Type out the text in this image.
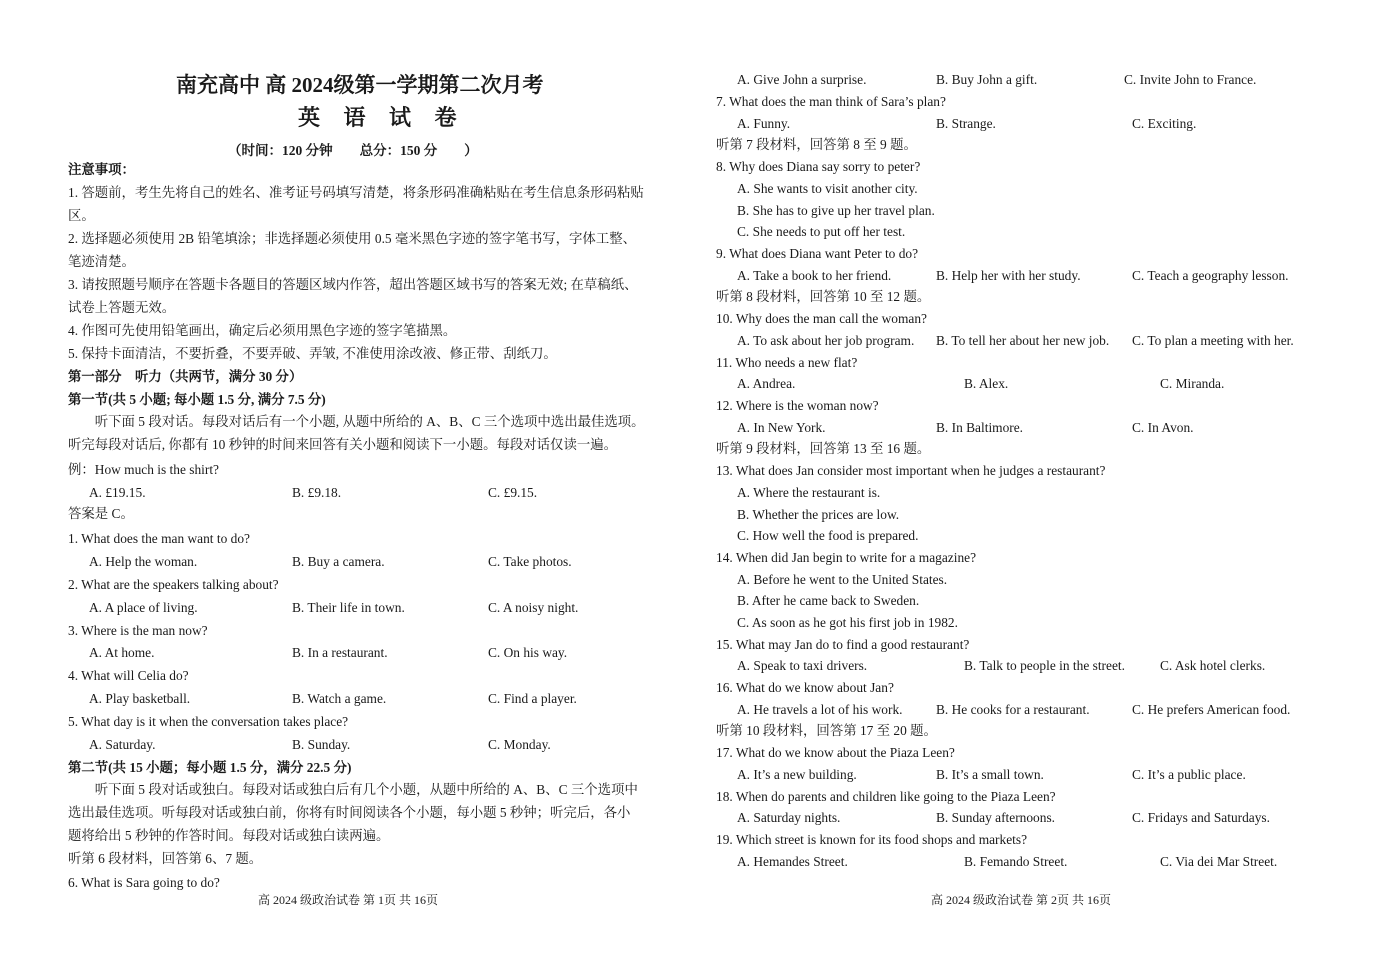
南充高中 高 2024级第一学期第二次月考
英 语 试 卷
（时间：120 分钟　　总分：150 分　　）
注意事项：
1. 答题前，考生先将自己的姓名、准考证号码填写清楚，将条形码准确粘贴在考生信息条形码粘贴
区。
2. 选择题必须使用 2B 铅笔填涂；非选择题必须使用 0.5 毫米黑色字迹的签字笔书写，字体工整、
笔迹清楚。
3. 请按照题号顺序在答题卡各题目的答题区域内作答，超出答题区域书写的答案无效; 在草稿纸、
试卷上答题无效。
4. 作图可先使用铅笔画出，确定后必须用黑色字迹的签字笔描黑。
5. 保持卡面清洁，不要折叠，不要弄破、弄皱, 不准使用涂改液、修正带、刮纸刀。
第一部分　听力（共两节，满分 30 分）
第一节(共 5 小题; 每小题 1.5 分, 满分 7.5 分)
　　听下面 5 段对话。每段对话后有一个小题, 从题中所给的 A、B、C 三个选项中选出最佳选项。
听完每段对话后, 你都有 10 秒钟的时间来回答有关小题和阅读下一小题。每段对话仅读一遍。
例：How much is the shirt?
A. £19.15.	B. £9.18.	C. £9.15.
答案是 C。
1. What does the man want to do?
A. Help the woman.	B. Buy a camera.	C. Take photos.
2. What are the speakers talking about?
A. A place of living.	B. Their life in town.	C. A noisy night.
3. Where is the man now?
A. At home.	B. In a restaurant.	C. On his way.
4. What will Celia do?
A. Play basketball.	B. Watch a game.	C. Find a player.
5. What day is it when the conversation takes place?
A. Saturday.	B. Sunday.	C. Monday.
第二节(共 15 小题；每小题 1.5 分，满分 22.5 分)
　　听下面 5 段对话或独白。每段对话或独白后有几个小题，从题中所给的 A、B、C 三个选项中
选出最佳选项。听每段对话或独白前，你将有时间阅读各个小题，每小题 5 秒钟；听完后，各小
题将给出 5 秒钟的作答时间。每段对话或独白读两遍。
听第 6 段材料，回答第 6、7 题。
6. What is Sara going to do?
高 2024 级政治试卷 第 1页 共 16页
A. Give John a surprise.	B. Buy John a gift.	C. Invite John to France.
7. What does the man think of Sara’s plan?
A. Funny.	B. Strange.	C. Exciting.
听第 7 段材料，回答第 8 至 9 题。
8. Why does Diana say sorry to peter?
A. She wants to visit another city.
B. She has to give up her travel plan.
C. She needs to put off her test.
9. What does Diana want Peter to do?
A. Take a book to her friend.	B. Help her with her study.	C. Teach a geography lesson.
听第 8 段材料，回答第 10 至 12 题。
10. Why does the man call the woman?
A. To ask about her job program. B. To tell her about her new job. C. To plan a meeting with her.
11. Who needs a new flat?
A. Andrea.	B. Alex.	C. Miranda.
12. Where is the woman now?
A. In New York.	B. In Baltimore.	C. In Avon.
听第 9 段材料，回答第 13 至 16 题。
13. What does Jan consider most important when he judges a restaurant?
A. Where the restaurant is.
B. Whether the prices are low.
C. How well the food is prepared.
14. When did Jan begin to write for a magazine?
A. Before he went to the United States.
B. After he came back to Sweden.
C. As soon as he got his first job in 1982.
15. What may Jan do to find a good restaurant?
A. Speak to taxi drivers.	B. Talk to people in the street.	C. Ask hotel clerks.
16. What do we know about Jan?
A. He travels a lot of his work.	B. He cooks for a restaurant.	C. He prefers American food.
听第 10 段材料，回答第 17 至 20 题。
17. What do we know about the Piaza Leen?
A. It’s a new building.	B. It’s a small town.	C. It’s a public place.
18. When do parents and children like going to the Piaza Leen?
A. Saturday nights.	B. Sunday afternoons.	C. Fridays and Saturdays.
19. Which street is known for its food shops and markets?
A. Hemandes Street.	B. Femando Street.	C. Via dei Mar Street.
高 2024 级政治试卷 第 2页 共 16页
